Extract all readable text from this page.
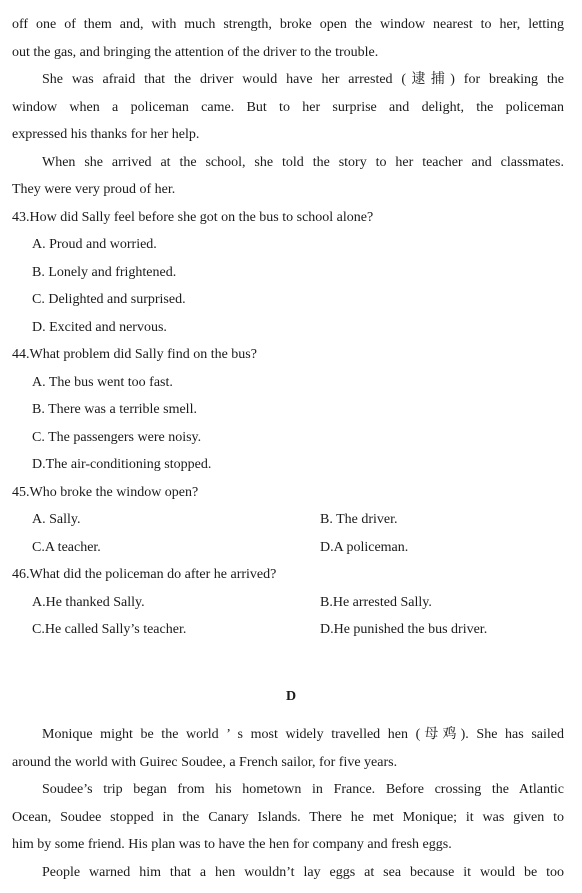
off one of them and, with much strength, broke open the window nearest to her, letting
out the gas, and bringing the attention of the driver to the trouble.
She was afraid that the driver would have her arrested (逮捕) for breaking the
window when a policeman came. But to her surprise and delight, the policeman
expressed his thanks for her help.
When she arrived at the school, she told the story to her teacher and classmates.
They were very proud of her.
43.How did Sally feel before she got on the bus to school alone?
A. Proud and worried.
B. Lonely and frightened.
C. Delighted and surprised.
D. Excited and nervous.
44.What problem did Sally find on the bus?
A. The bus went too fast.
B. There was a terrible smell.
C. The passengers were noisy.
D.The air-conditioning stopped.
45.Who broke the window open?
A. Sally.	B. The driver.
C.A teacher.	D.A policeman.
46.What did the policeman do after he arrived?
A.He thanked Sally.	B.He arrested Sally.
C.He called Sally’s teacher.	D.He punished the bus driver.
D
Monique might be the world ’ s most widely travelled hen (母鸡). She has sailed
around the world with Guirec Soudee, a French sailor, for five years.
Soudee’s trip began from his hometown in France. Before crossing the Atlantic
Ocean, Soudee stopped in the Canary Islands. There he met Monique; it was given to
him by some friend. His plan was to have the hen for company and fresh eggs.
People warned him that a hen wouldn’t lay eggs at sea because it would be too
